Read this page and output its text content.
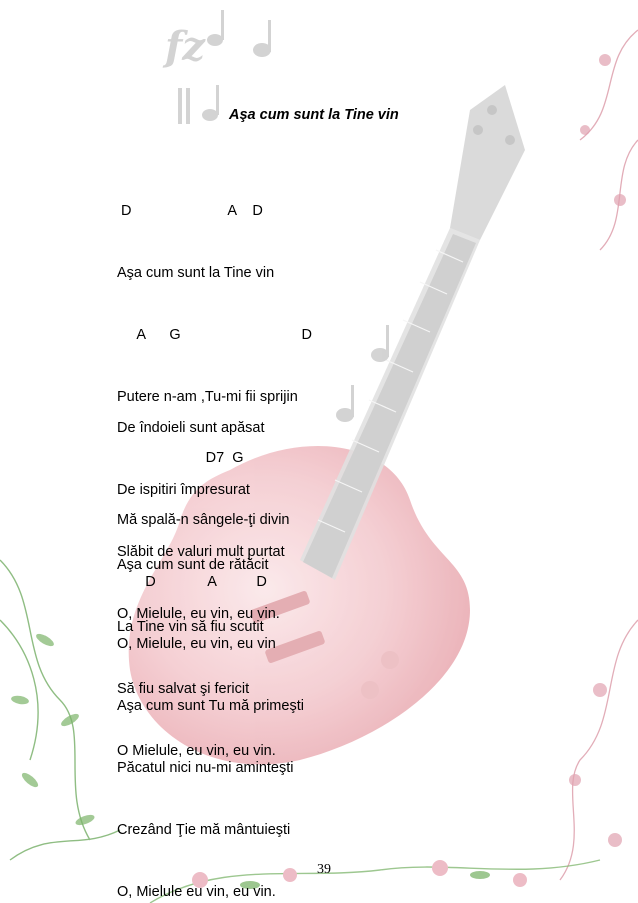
fz
Aşa cum sunt la Tine vin

D                        A    D

Aşa cum sunt la Tine vin

A      G                              D

Putere n-am ,Tu-mi fii sprijin

D7  G

Mă spală-n sângele-ţi divin

D             A          D

O, Mielule, eu vin, eu vin

De îndoieli sunt apăsat

De ispitiri împresurat

Slăbit de valuri mult purtat

O, Mielule, eu vin, eu vin.

Aşa cum sunt de rătăcit

La Tine vin să fiu scutit

Să fiu salvat şi fericit

O Mielule, eu vin, eu vin.

Aşa cum sunt Tu mă primeşti

Păcatul nici nu-mi aminteşti

Crezând Ţie mă mântuieşti

O, Mielule eu vin, eu vin.

39
